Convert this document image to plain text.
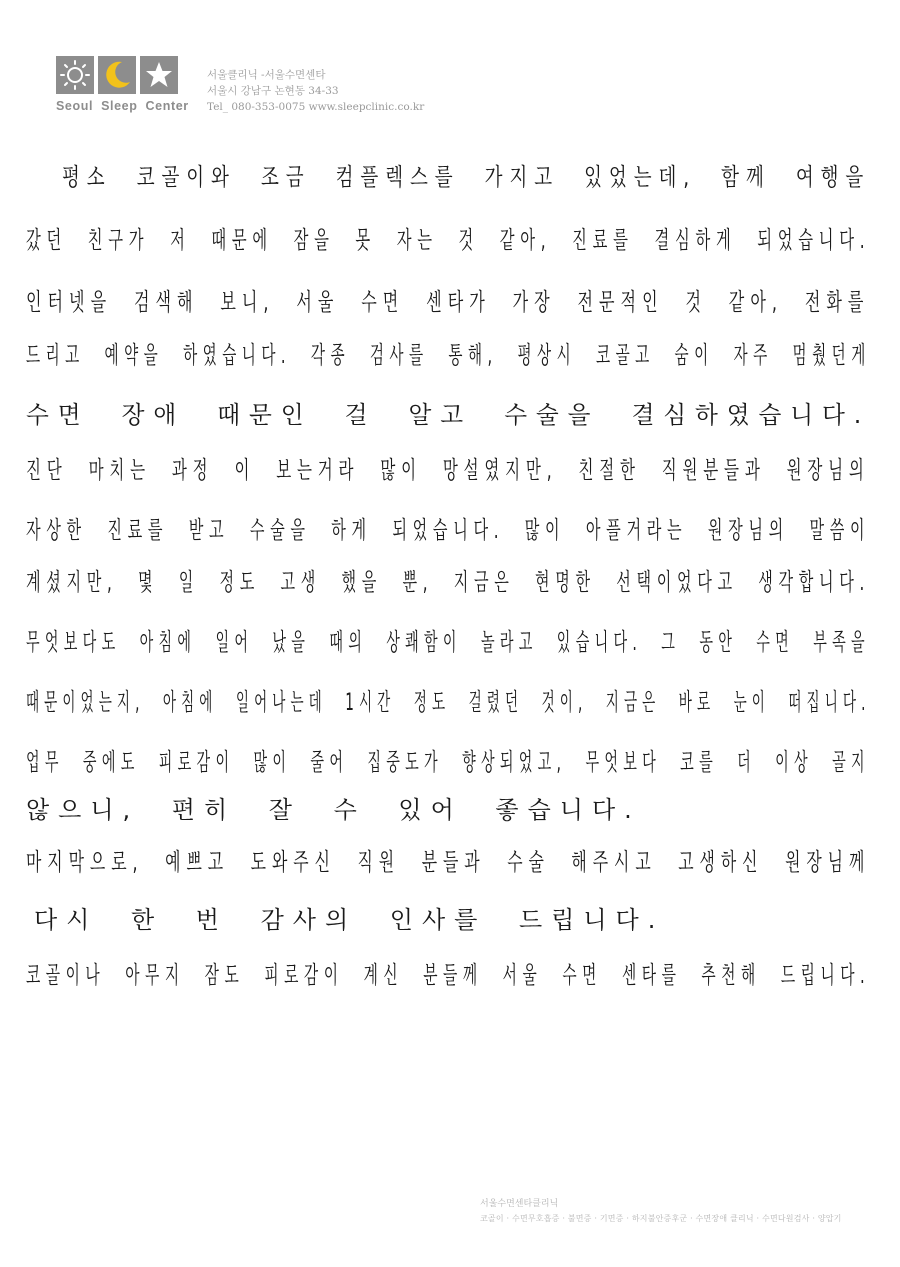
Seoul Sleep Center
서울클리닉 -서울수면센타
서울시 강남구 논현동 34-33
Tel_ 080-353-0075 www.sleepclinic.co.kr
평소 코골이와 조금 컴플렉스를 가지고 있었는데, 함께 여행을
갔던 친구가 저 때문에 잠을 못 자는 것 같아, 진료를 결심하게 되었습니다.
인터넷을 검색해 보니, 서울 수면 센타가 가장 전문적인 것 같아, 전화를
드리고 예약을 하였습니다. 각종 검사를 통해, 평상시 코골고 숨이 자주 멈췄던게
수면 장애 때문인 걸 알고 수술을 결심하였습니다.
진단 마치는 과정 이 보는거라 많이 망설였지만, 친절한 직원분들과 원장님의
자상한 진료를 받고 수술을 하게 되었습니다. 많이 아플거라는 원장님의 말씀이
계셨지만, 몇 일 정도 고생 했을 뿐, 지금은 현명한 선택이었다고 생각합니다.
무엇보다도 아침에 일어 났을 때의 상쾌함이 놀라고 있습니다. 그 동안 수면 부족을
때문이었는지, 아침에 일어나는데 1시간 정도 걸렸던 것이, 지금은 바로 눈이 떠집니다.
업무 중에도 피로감이 많이 줄어 집중도가 향상되었고, 무엇보다 코를 더 이상 골지
않으니, 편히 잘 수 있어 좋습니다.
마지막으로, 예쁘고 도와주신 직원 분들과 수술 해주시고 고생하신 원장님께
다시 한 번 감사의 인사를 드립니다.
코골이나 아무지 잠도 피로감이 계신 분들께 서울 수면 센타를 추천해 드립니다.
서울수면센타클리닉
코골이 · 수면무호흡증 · 불면증 · 기면증 · 하지불안증후군 · 수면장애 클리닉 · 수면다원검사 · 양압기
